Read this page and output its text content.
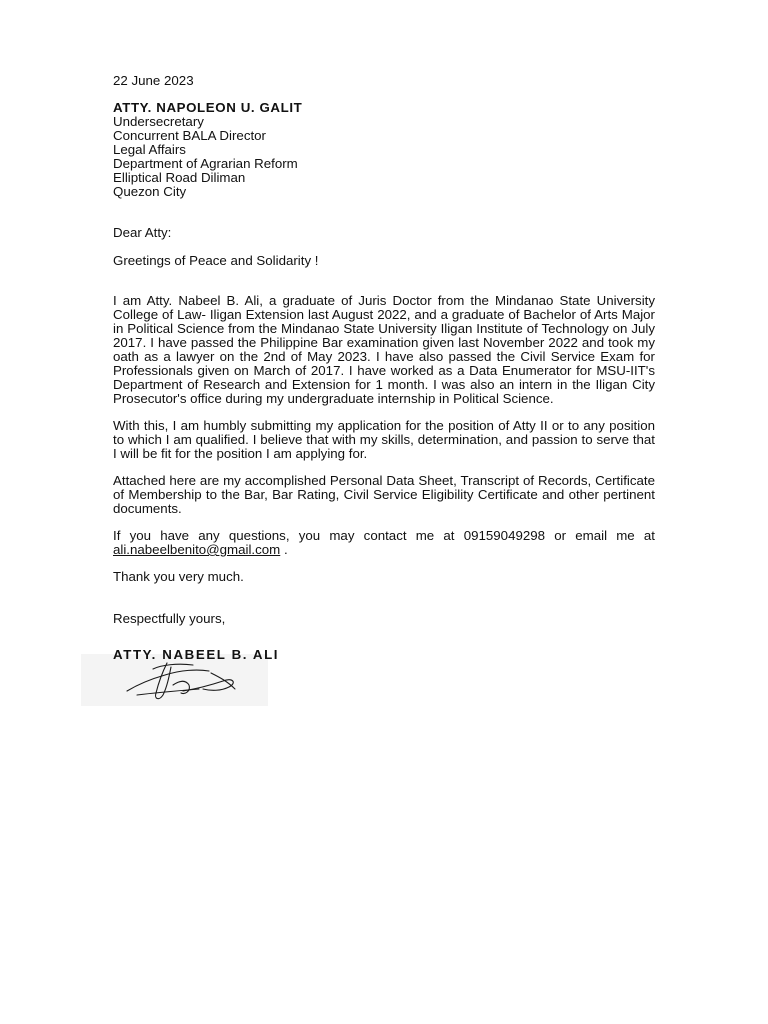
22 June 2023
ATTY. NAPOLEON U. GALIT
Undersecretary
Concurrent BALA Director
Legal Affairs
Department of Agrarian Reform
Elliptical Road Diliman
Quezon City
Dear Atty:
Greetings of Peace and Solidarity !

I am Atty. Nabeel B. Ali, a graduate of Juris Doctor from the Mindanao State University College of Law- Iligan Extension last August 2022, and a graduate of Bachelor of Arts Major in Political Science from the Mindanao State University Iligan Institute of Technology on July 2017. I have passed the Philippine Bar examination given last November 2022 and took my oath as a lawyer on the 2nd of May 2023. I have also passed the Civil Service Exam for Professionals given on March of 2017. I have worked as a Data Enumerator for MSU-IIT's Department of Research and Extension for 1 month. I was also an intern in the Iligan City Prosecutor's office during my undergraduate internship in Political Science.

With this, I am humbly submitting my application for the position of Atty II or to any position to which I am qualified. I believe that with my skills, determination, and passion to serve that I will be fit for the position I am applying for.

Attached here are my accomplished Personal Data Sheet, Transcript of Records, Certificate of Membership to the Bar, Bar Rating, Civil Service Eligibility Certificate and other pertinent documents.

If you have any questions, you may contact me at 09159049298 or email me at ali.nabeelbenito@gmail.com .

Thank you very much.
Respectfully yours,
ATTY. NABEEL B. ALI
